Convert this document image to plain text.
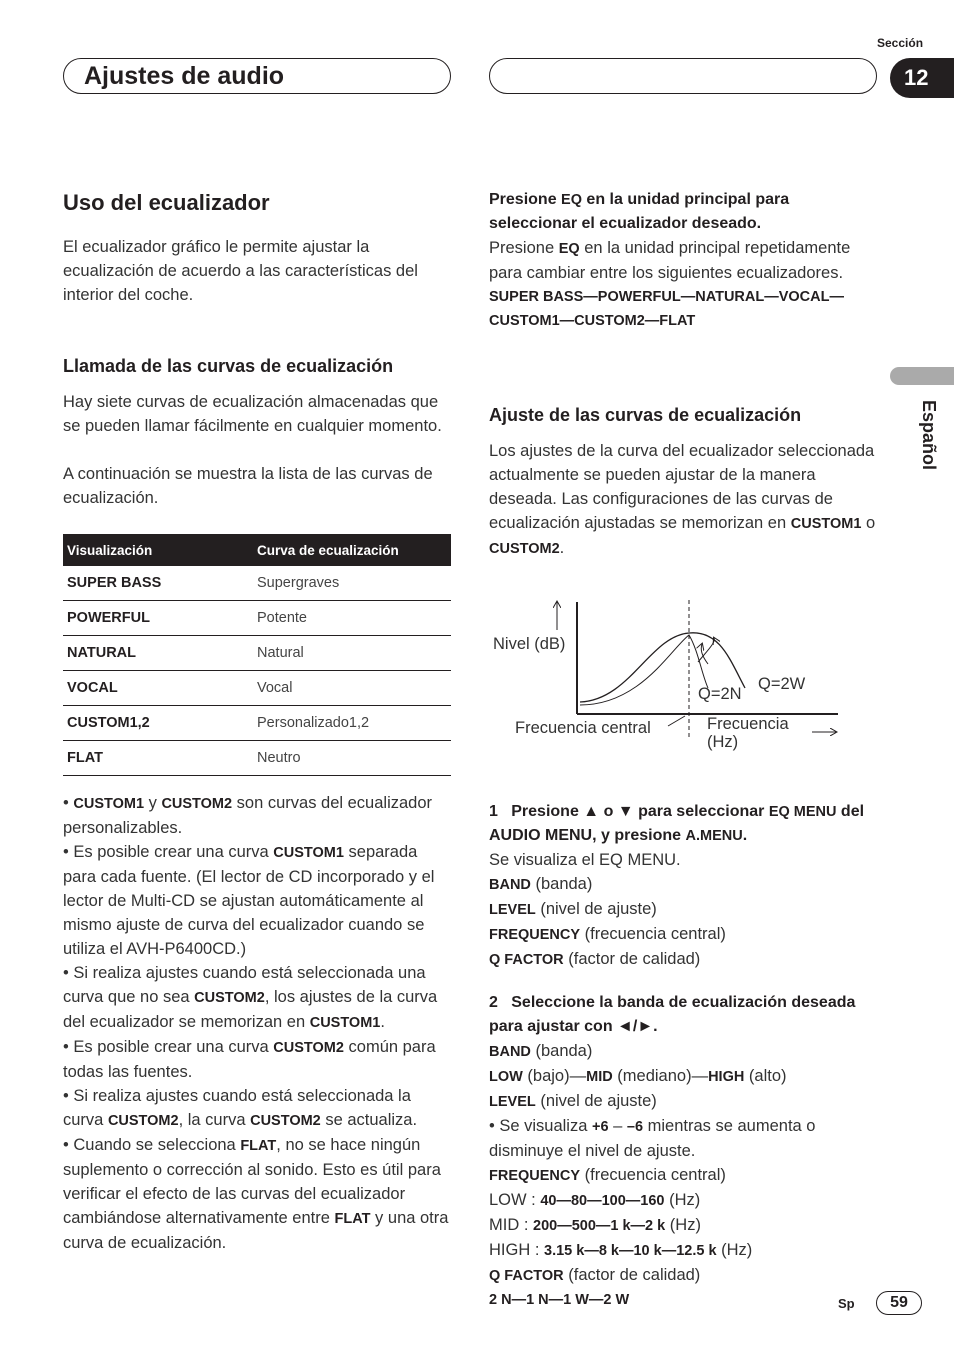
Ajustes de audio
Sección
12
Español
Uso del ecualizador
El ecualizador gráfico le permite ajustar la ecualización de acuerdo a las características del interior del coche.
Llamada de las curvas de ecualización
Hay siete curvas de ecualización almacenadas que se pueden llamar fácilmente en cualquier momento.
A continuación se muestra la lista de las curvas de ecualización.
Visualización	Curva de ecualización
SUPER BASS	Supergraves
POWERFUL	Potente
NATURAL	Natural
VOCAL	Vocal
CUSTOM1,2	Personalizado1,2
FLAT	Neutro
• CUSTOM1 y CUSTOM2 son curvas del ecualizador personalizables.
• Es posible crear una curva CUSTOM1 separada para cada fuente. (El lector de CD incorporado y el lector de Multi-CD se ajustan automáticamente al mismo ajuste de curva del ecualizador cuando se utiliza el AVH-P6400CD.)
• Si realiza ajustes cuando está seleccionada una curva que no sea CUSTOM2, los ajustes de la curva del ecualizador se memorizan en CUSTOM1.
• Es posible crear una curva CUSTOM2 común para todas las fuentes.
• Si realiza ajustes cuando está seleccionada la curva CUSTOM2, la curva CUSTOM2 se actualiza.
• Cuando se selecciona FLAT, no se hace ningún suplemento o corrección al sonido. Esto es útil para verificar el efecto de las curvas del ecualizador cambiándose alternativamente entre FLAT y una otra curva de ecualización.
Presione EQ en la unidad principal para seleccionar el ecualizador deseado.
Presione EQ en la unidad principal repetidamente para cambiar entre los siguientes ecualizadores.
SUPER BASS—POWERFUL—NATURAL—VOCAL—CUSTOM1—CUSTOM2—FLAT
Ajuste de las curvas de ecualización
Los ajustes de la curva del ecualizador seleccionada actualmente se pueden ajustar de la manera deseada. Las configuraciones de las curvas de ecualización ajustadas se memorizan en CUSTOM1 o CUSTOM2.
Nivel (dB)
Q=2N
Q=2W
Frecuencia central	Frecuencia
(Hz)
1 Presione ▲ o ▼ para seleccionar EQ MENU del AUDIO MENU, y presione A.MENU.
Se visualiza el EQ MENU.
BAND (banda)
LEVEL (nivel de ajuste)
FREQUENCY (frecuencia central)
Q FACTOR (factor de calidad)
2 Seleccione la banda de ecualización deseada para ajustar con ◄/►.
BAND (banda)
LOW (bajo)—MID (mediano)—HIGH (alto)
LEVEL (nivel de ajuste)
• Se visualiza +6 – –6 mientras se aumenta o disminuye el nivel de ajuste.
FREQUENCY (frecuencia central)
LOW : 40—80—100—160 (Hz)
MID : 200—500—1 k—2 k (Hz)
HIGH : 3.15 k—8 k—10 k—12.5 k (Hz)
Q FACTOR (factor de calidad)
2 N—1 N—1 W—2 W	Sp	59
